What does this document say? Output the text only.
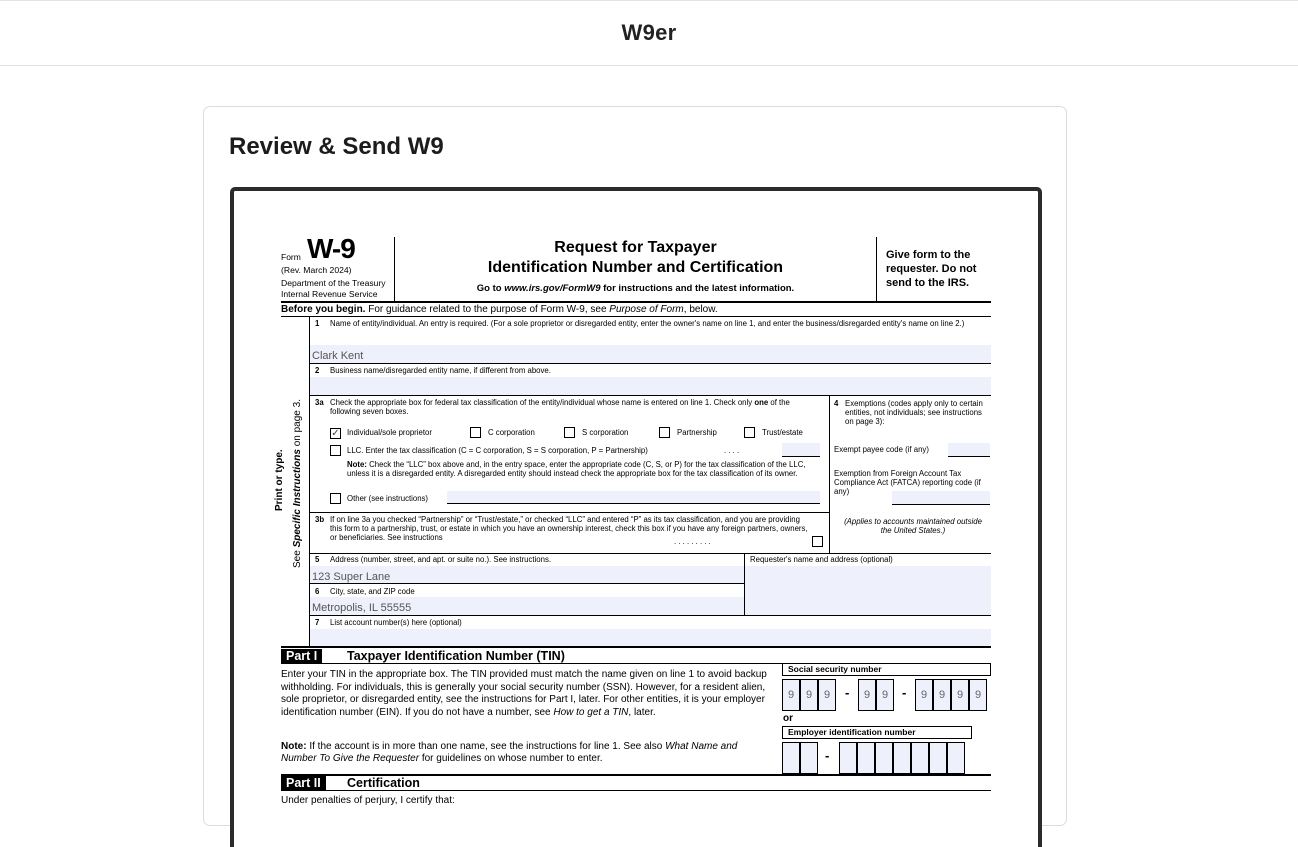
W9er
Review & Send W9
Form W-9
(Rev. March 2024)
Department of the Treasury
Internal Revenue Service
Request for Taxpayer
Identification Number and Certification
Go to www.irs.gov/FormW9 for instructions and the latest information.
Give form to the
requester. Do not
send to the IRS.
Before you begin. For guidance related to the purpose of Form W-9, see Purpose of Form, below.
Print or type.
See Specific Instructions on page 3.
1 Name of entity/individual. An entry is required. (For a sole proprietor or disregarded entity, enter the owner's name on line 1, and enter the business/disregarded entity's name on line 2.)
Clark Kent
2 Business name/disregarded entity name, if different from above.
3a Check the appropriate box for federal tax classification of the entity/individual whose name is entered on line 1. Check only one of the following seven boxes.
✓ Individual/sole proprietor	C corporation	S corporation	Partnership	Trust/estate
LLC. Enter the tax classification (C = C corporation, S = S corporation, P = Partnership)	. . . .
Note: Check the “LLC” box above and, in the entry space, enter the appropriate code (C, S, or P) for the tax classification of the LLC, unless it is a disregarded entity. A disregarded entity should instead check the appropriate box for the tax classification of its owner.
Other (see instructions)
4 Exemptions (codes apply only to certain entities, not individuals; see instructions on page 3):
Exempt payee code (if any)
Exemption from Foreign Account Tax Compliance Act (FATCA) reporting code (if any)
3b If on line 3a you checked “Partnership” or “Trust/estate,” or checked “LLC” and entered “P” as its tax classification, and you are providing this form to a partnership, trust, or estate in which you have an ownership interest, check this box if you have any foreign partners, owners, or beneficiaries. See instructions	. . . . . . . . .
(Applies to accounts maintained outside the United States.)
5 Address (number, street, and apt. or suite no.). See instructions.
123 Super Lane
Requester's name and address (optional)
6 City, state, and ZIP code
Metropolis, IL 55555
7 List account number(s) here (optional)
Part I	Taxpayer Identification Number (TIN)
Enter your TIN in the appropriate box. The TIN provided must match the name given on line 1 to avoid backup withholding. For individuals, this is generally your social security number (SSN). However, for a resident alien, sole proprietor, or disregarded entity, see the instructions for Part I, later. For other entities, it is your employer identification number (EIN). If you do not have a number, see How to get a TIN, later.
Note: If the account is in more than one name, see the instructions for line 1. See also What Name and Number To Give the Requester for guidelines on whose number to enter.
Social security number
9	9	9	-	9	9	-	9	9	9	9
or
Employer identification number
-
Part II	Certification
Under penalties of perjury, I certify that:
